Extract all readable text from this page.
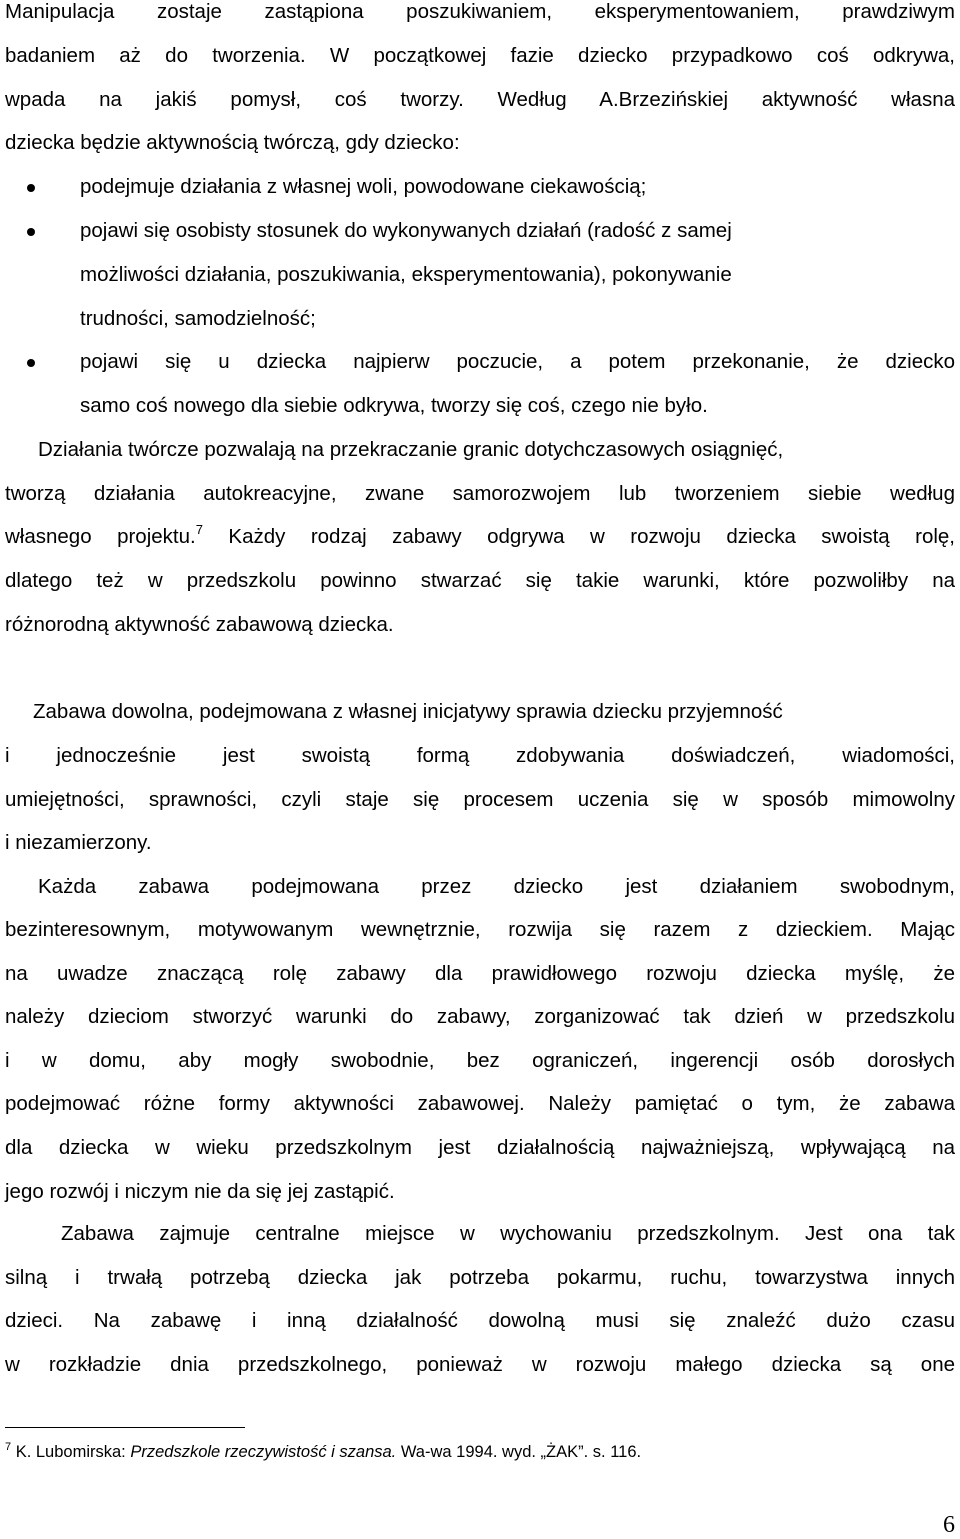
Manipulacja zostaje zastąpiona poszukiwaniem, eksperymentowaniem, prawdziwym
badaniem aż do tworzenia. W początkowej fazie dziecko przypadkowo coś odkrywa,
wpada na jakiś pomysł, coś tworzy. Według A.Brzezińskiej aktywność własna
dziecka będzie aktywnością twórczą, gdy dziecko:
podejmuje działania z własnej woli, powodowane ciekawością;
pojawi się osobisty stosunek do wykonywanych działań (radość z samej
możliwości działania, poszukiwania, eksperymentowania), pokonywanie
trudności, samodzielność;
pojawi się u dziecka najpierw poczucie, a potem przekonanie, że dziecko
samo coś nowego dla siebie odkrywa, tworzy się coś, czego nie było.
Działania twórcze pozwalają na przekraczanie granic dotychczasowych osiągnięć,
tworzą działania autokreacyjne, zwane samorozwojem lub tworzeniem siebie według
własnego projektu.$^7$ Każdy rodzaj zabawy odgrywa w rozwoju dziecka swoistą rolę,
dlatego też w przedszkolu powinno stwarzać się takie warunki, które pozwoliłby na
różnorodną aktywność zabawową dziecka.
Zabawa dowolna, podejmowana z własnej inicjatywy sprawia dziecku przyjemność
i jednocześnie jest swoistą formą zdobywania doświadczeń, wiadomości,
umiejętności, sprawności, czyli staje się procesem uczenia się w sposób mimowolny
i niezamierzony.
Każda zabawa podejmowana przez dziecko jest działaniem swobodnym,
bezinteresownym, motywowanym wewnętrznie, rozwija się razem z dzieckiem. Mając
na uwadze znaczącą rolę zabawy dla prawidłowego rozwoju dziecka myślę, że
należy dzieciom stworzyć warunki do zabawy, zorganizować tak dzień w przedszkolu
i w domu, aby mogły swobodnie, bez ograniczeń, ingerencji osób dorosłych
podejmować różne formy aktywności zabawowej. Należy pamiętać o tym, że zabawa
dla dziecka w wieku przedszkolnym jest działalnością najważniejszą, wpływającą na
jego rozwój i niczym nie da się jej zastąpić.
Zabawa zajmuje centralne miejsce w wychowaniu przedszkolnym. Jest ona tak
silną i trwałą potrzebą dziecka jak potrzeba pokarmu, ruchu, towarzystwa innych
dzieci. Na zabawę i inną działalność dowolną musi się znaleźć dużo czasu
w rozkładzie dnia przedszkolnego, ponieważ w rozwoju małego dziecka są one
$^7$ K. Lubomirska: Przedszkole rzeczywistość i szansa. Wa-wa 1994. wyd. „ŻAK”. s. 116.
6
